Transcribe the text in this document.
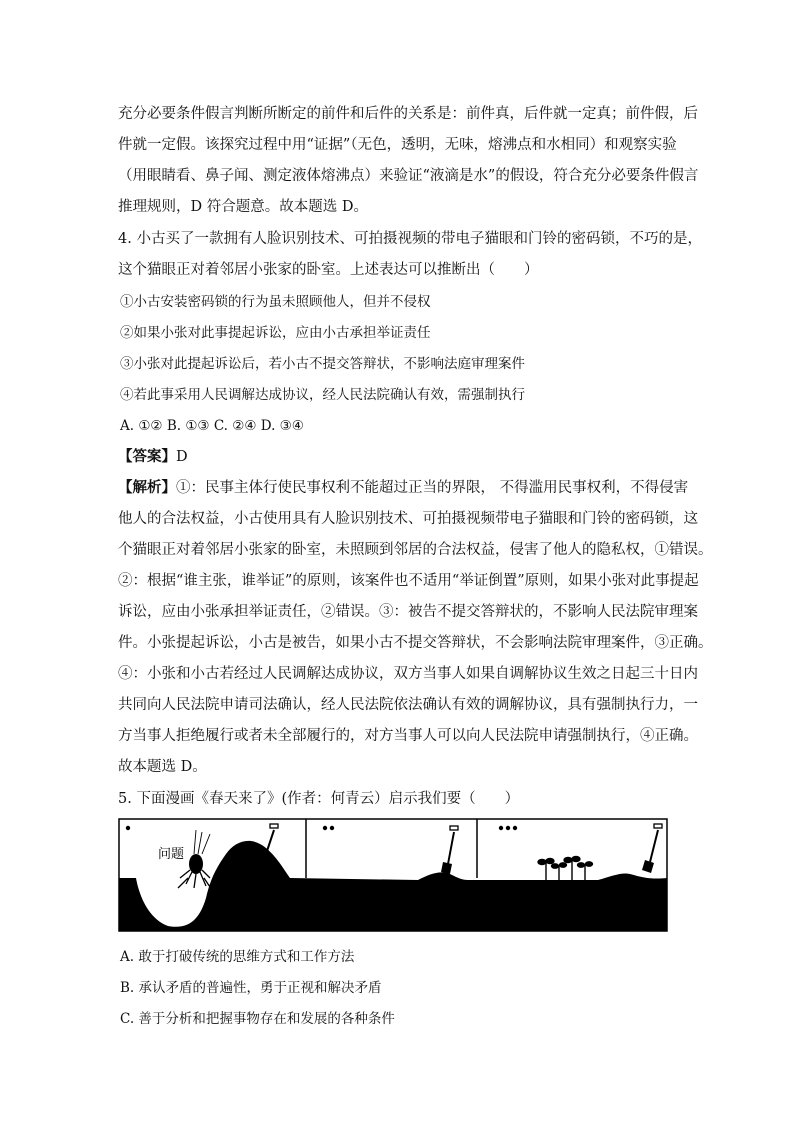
充分必要条件假言判断所断定的前件和后件的关系是：前件真，后件就一定真；前件假，后
件就一定假。该探究过程中用“证据”（无色，透明，无味，熔沸点和水相同）和观察实验
（用眼睛看、鼻子闻、测定液体熔沸点）来验证“液滴是水”的假设，符合充分必要条件假言
推理规则，D 符合题意。故本题选 D。
4. 小古买了一款拥有人脸识别技术、可拍摄视频的带电子猫眼和门铃的密码锁，不巧的是，
这个猫眼正对着邻居小张家的卧室。上述表达可以推断出（　　）
①小古安装密码锁的行为虽未照顾他人，但并不侵权
②如果小张对此事提起诉讼，应由小古承担举证责任
③小张对此提起诉讼后，若小古不提交答辩状，不影响法庭审理案件
④若此事采用人民调解达成协议，经人民法院确认有效，需强制执行
A. ①② B. ①③ C. ②④ D. ③④
【答案】D
【解析】①：民事主体行使民事权利不能超过正当的界限， 不得滥用民事权利，不得侵害
他人的合法权益，小古使用具有人脸识别技术、可拍摄视频带电子猫眼和门铃的密码锁，这
个猫眼正对着邻居小张家的卧室，未照顾到邻居的合法权益，侵害了他人的隐私权，①错误。
②：根据“谁主张，谁举证”的原则，该案件也不适用“举证倒置”原则，如果小张对此事提起
诉讼，应由小张承担举证责任，②错误。③：被告不提交答辩状的，不影响人民法院审理案
件。小张提起诉讼，小古是被告，如果小古不提交答辩状，不会影响法院审理案件，③正确。
④：小张和小古若经过人民调解达成协议，双方当事人如果自调解协议生效之日起三十日内
共同向人民法院申请司法确认，经人民法院依法确认有效的调解协议，具有强制执行力，一
方当事人拒绝履行或者未全部履行的，对方当事人可以向人民法院申请强制执行，④正确。
故本题选 D。
5. 下面漫画《春天来了》(作者：何青云）启示我们要（　　）
问题
A. 敢于打破传统的思维方式和工作方法
B. 承认矛盾的普遍性，勇于正视和解决矛盾
C. 善于分析和把握事物存在和发展的各种条件
